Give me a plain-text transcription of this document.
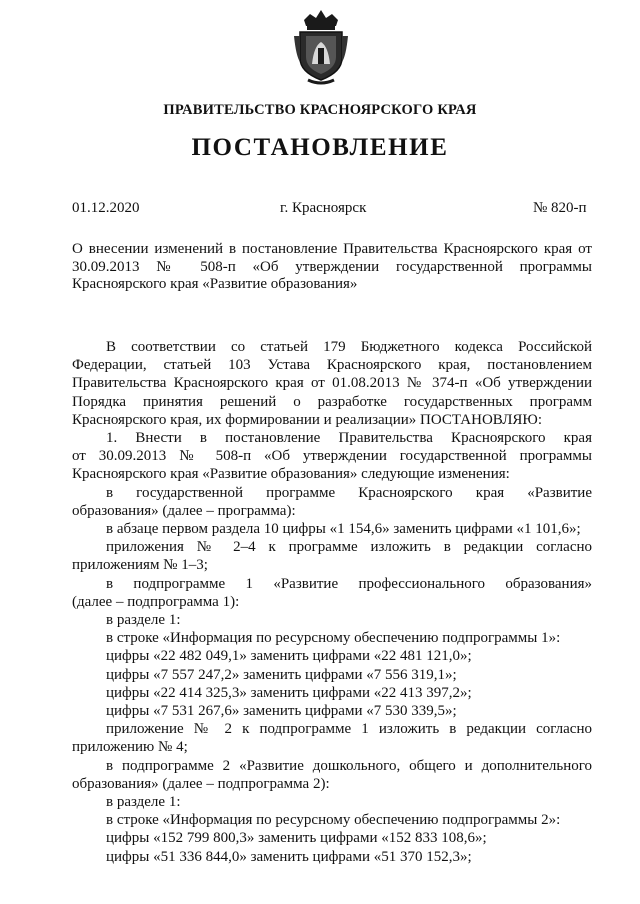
ПРАВИТЕЛЬСТВО КРАСНОЯРСКОГО КРАЯ
ПОСТАНОВЛЕНИЕ
01.12.2020	г. Красноярск	№ 820-п
О внесении изменений в постановление Правительства Красноярского края от
30.09.2013 № 508-п «Об утверждении государственной программы
Красноярского края «Развитие образования»
В соответствии со статьей 179 Бюджетного кодекса Российской
Федерации, статьей 103 Устава Красноярского края, постановлением
Правительства Красноярского края от 01.08.2013 № 374-п «Об утверждении
Порядка принятия решений о разработке государственных программ
Красноярского края, их формировании и реализации» ПОСТАНОВЛЯЮ:
1. Внести в постановление Правительства Красноярского края
от 30.09.2013 № 508-п «Об утверждении государственной программы
Красноярского края «Развитие образования» следующие изменения:
в государственной программе Красноярского края «Развитие
образования» (далее – программа):
в абзаце первом раздела 10 цифры «1 154,6» заменить цифрами «1 101,6»;
приложения № 2–4 к программе изложить в редакции согласно
приложениям № 1–3;
в подпрограмме 1 «Развитие профессионального образования»
(далее – подпрограмма 1):
в разделе 1:
в строке «Информация по ресурсному обеспечению подпрограммы 1»:
цифры «22 482 049,1» заменить цифрами «22 481 121,0»;
цифры «7 557 247,2» заменить цифрами «7 556 319,1»;
цифры «22 414 325,3» заменить цифрами «22 413 397,2»;
цифры «7 531 267,6» заменить цифрами «7 530 339,5»;
приложение № 2 к подпрограмме 1 изложить в редакции согласно
приложению № 4;
в подпрограмме 2 «Развитие дошкольного, общего и дополнительного
образования» (далее – подпрограмма 2):
в разделе 1:
в строке «Информация по ресурсному обеспечению подпрограммы 2»:
цифры «152 799 800,3» заменить цифрами «152 833 108,6»;
цифры «51 336 844,0» заменить цифрами «51 370 152,3»;
